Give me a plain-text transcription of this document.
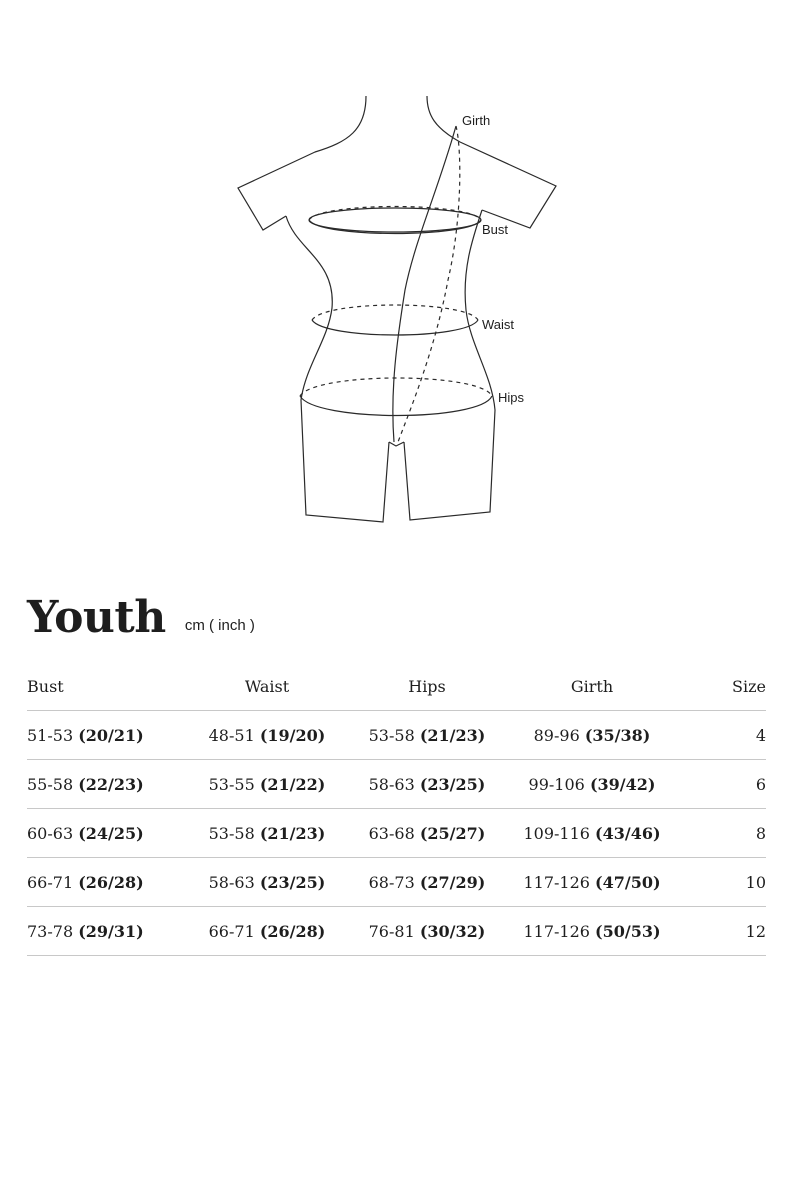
Girth
Bust
Waist
Hips
Youth cm ( inch )
Bust	Waist	Hips	Girth	Size
51-53 (20/21)	48-51 (19/20)	53-58 (21/23)	89-96 (35/38)	4
55-58 (22/23)	53-55 (21/22)	58-63 (23/25)	99-106 (39/42)	6
60-63 (24/25)	53-58 (21/23)	63-68 (25/27)	109-116 (43/46)	8
66-71 (26/28)	58-63 (23/25)	68-73 (27/29)	117-126 (47/50)	10
73-78 (29/31)	66-71 (26/28)	76-81 (30/32)	117-126 (50/53)	12
